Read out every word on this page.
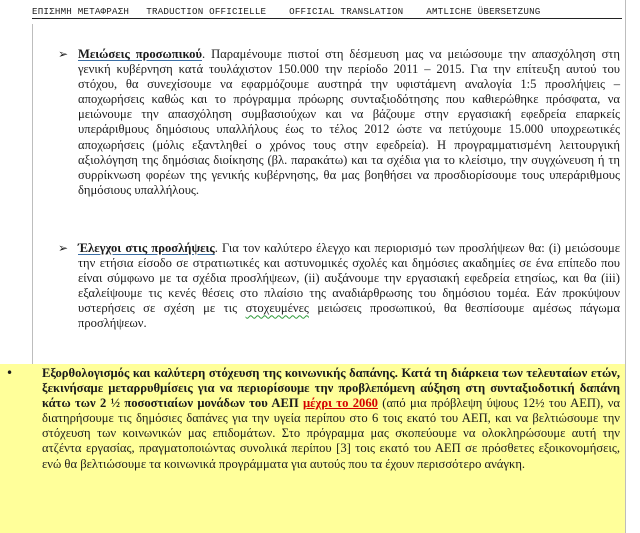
ΕΠΙΣΗΜΗ ΜΕΤΑΦΡΑΣΗ   TRADUCTION OFFICIELLE    OFFICIAL TRANSLATION    AMTLICHE ÜBERSETZUNG
➢ Μειώσεις προσωπικού. Παραμένουμε πιστοί στη δέσμευση μας να μειώσουμε την απασχόληση στη γενική κυβέρνηση κατά τουλάχιστον 150.000 την περίοδο 2011 – 2015. Για την επίτευξη αυτού του στόχου, θα συνεχίσουμε να εφαρμόζουμε αυστηρά την υφιστάμενη αναλογία 1:5 προσλήψεις – αποχωρήσεις καθώς και το πρόγραμμα πρόωρης συνταξιοδότησης που καθιερώθηκε πρόσφατα, να μειώνουμε την απασχόληση συμβασιούχων και να βάζουμε στην εργασιακή εφεδρεία επαρκείς υπεράριθμους δημόσιους υπαλλήλους έως το τέλος 2012 ώστε να πετύχουμε 15.000 υποχρεωτικές αποχωρήσεις (μόλις εξαντληθεί ο χρόνος τους στην εφεδρεία). Η προγραμματισμένη λειτουργική αξιολόγηση της δημόσιας διοίκησης (βλ. παρακάτω) και τα σχέδια για το κλείσιμο, την συγχώνευση ή τη συρρίκνωση φορέων της γενικής κυβέρνησης, θα μας βοηθήσει να προσδιορίσουμε τους υπεράριθμους δημόσιους υπαλλήλους.
➢ Έλεγχοι στις προσλήψεις. Για τον καλύτερο έλεγχο και περιορισμό των προσλήψεων θα: (i) μειώσουμε την ετήσια είσοδο σε στρατιωτικές και αστυνομικές σχολές και δημόσιες ακαδημίες σε ένα επίπεδο που είναι σύμφωνο με τα σχέδια προσλήψεων, (ii) αυξάνουμε την εργασιακή εφεδρεία ετησίως, και θα (iii) εξαλείψουμε τις κενές θέσεις στο πλαίσιο της αναδιάρθρωσης του δημόσιου τομέα. Εάν προκύψουν υστερήσεις σε σχέση με τις στοχευμένες μειώσεις προσωπικού, θα θεσπίσουμε αμέσως πάγωμα προσλήψεων.
• Εξορθολογισμός και καλύτερη στόχευση της κοινωνικής δαπάνης. Κατά τη διάρκεια των τελευταίων ετών, ξεκινήσαμε μεταρρυθμίσεις για να περιορίσουμε την προβλεπόμενη αύξηση στη συνταξιοδοτική δαπάνη κάτω των 2 ½ ποσοστιαίων μονάδων του ΑΕΠ μέχρι το 2060 (από μια πρόβλεψη ύψους 12½ του ΑΕΠ), να διατηρήσουμε τις δημόσιες δαπάνες για την υγεία περίπου στο 6 τοις εκατό του ΑΕΠ, και να βελτιώσουμε την στόχευση των κοινωνικών μας επιδομάτων. Στο πρόγραμμα μας σκοπεύουμε να ολοκληρώσουμε αυτή την ατζέντα εργασίας, πραγματοποιώντας συνολικά περίπου [3] τοις εκατό του ΑΕΠ σε πρόσθετες εξοικονομήσεις, ενώ θα βελτιώσουμε τα κοινωνικά προγράμματα για αυτούς που τα έχουν περισσότερο ανάγκη.
